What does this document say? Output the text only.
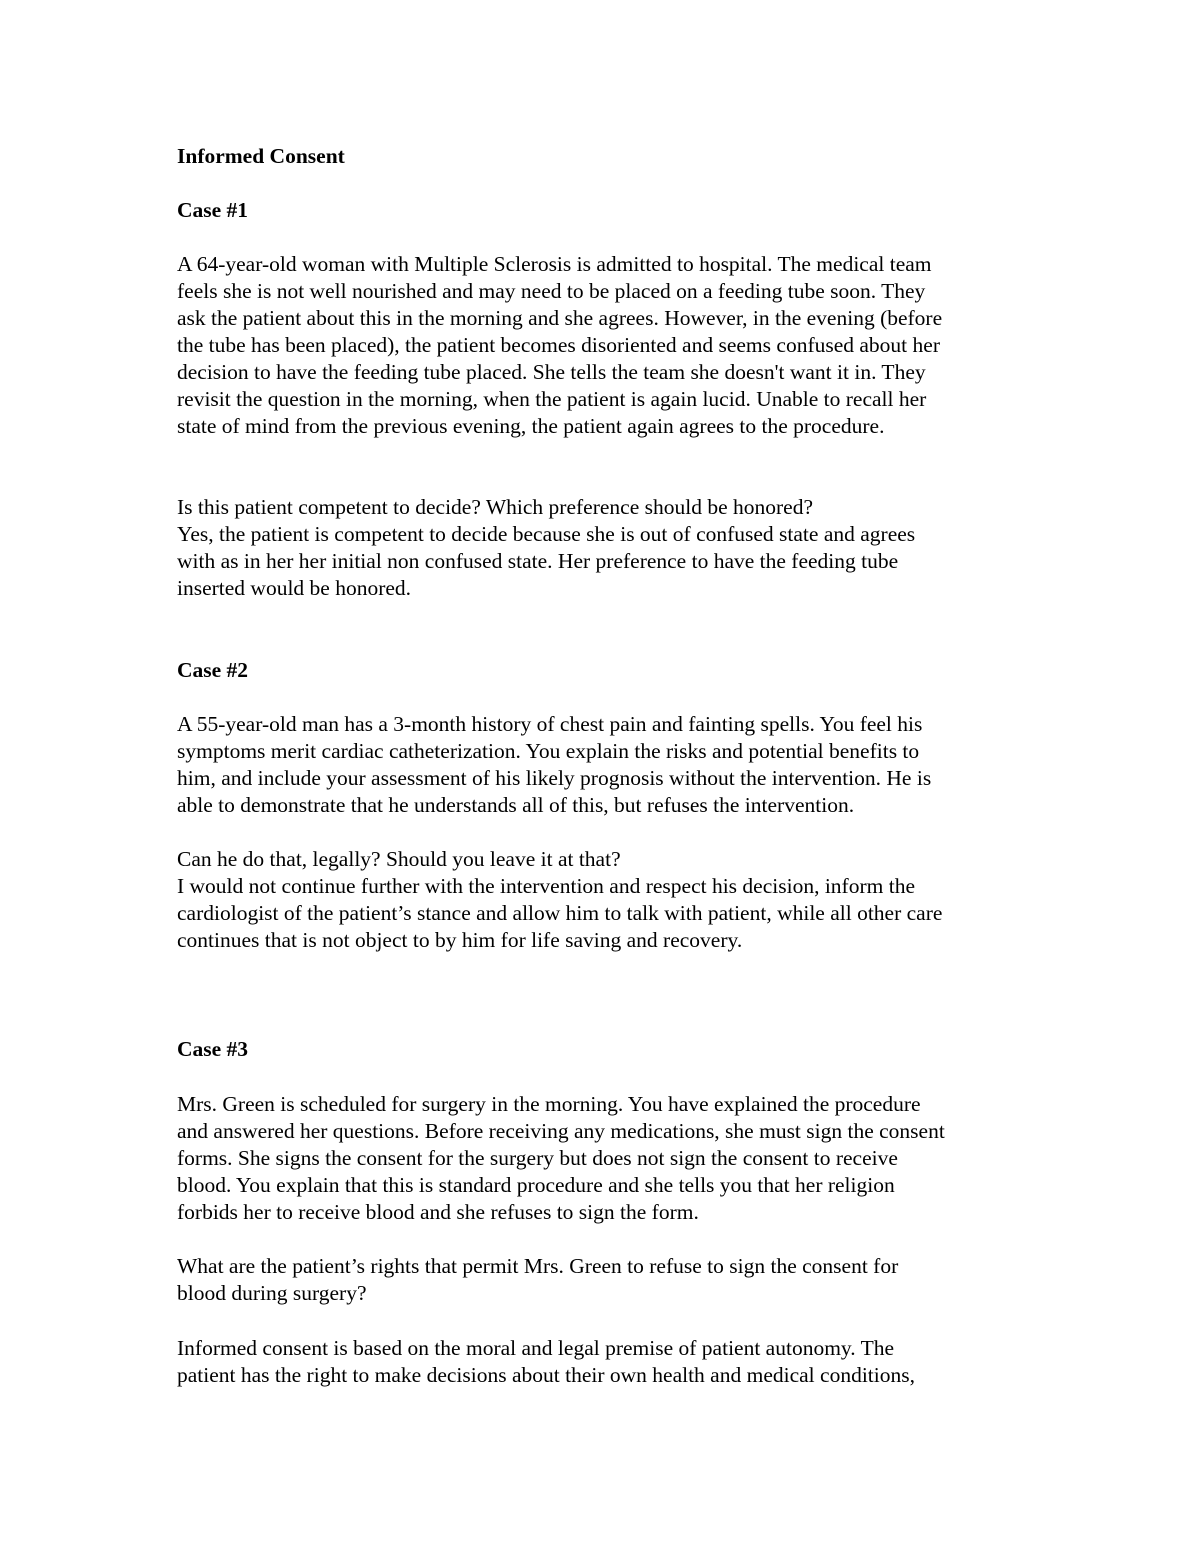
Informed Consent

Case #1

A 64-year-old woman with Multiple Sclerosis is admitted to hospital. The medical team

feels she is not well nourished and may need to be placed on a feeding tube soon. They

ask the patient about this in the morning and she agrees. However, in the evening (before

the tube has been placed), the patient becomes disoriented and seems confused about her

decision to have the feeding tube placed. She tells the team she doesn't want it in. They

revisit the question in the morning, when the patient is again lucid. Unable to recall her

state of mind from the previous evening, the patient again agrees to the procedure.

Is this patient competent to decide? Which preference should be honored?

Yes, the patient is competent to decide because she is out of confused state and agrees

with as in her her initial non confused state. Her preference to have the feeding tube

inserted would be honored.

Case #2

A 55-year-old man has a 3-month history of chest pain and fainting spells. You feel his

symptoms merit cardiac catheterization. You explain the risks and potential benefits to

him, and include your assessment of his likely prognosis without the intervention. He is

able to demonstrate that he understands all of this, but refuses the intervention.

Can he do that, legally? Should you leave it at that?

I would not continue further with the intervention and respect his decision, inform the

cardiologist of the patient’s stance and allow him to talk with patient, while all other care

continues that is not object to by him for life saving and recovery.

Case #3

Mrs. Green is scheduled for surgery in the morning. You have explained the procedure

and answered her questions. Before receiving any medications, she must sign the consent

forms. She signs the consent for the surgery but does not sign the consent to receive

blood. You explain that this is standard procedure and she tells you that her religion

forbids her to receive blood and she refuses to sign the form.

What are the patient’s rights that permit Mrs. Green to refuse to sign the consent for

blood during surgery?

Informed consent is based on the moral and legal premise of patient autonomy. The

patient has the right to make decisions about their own health and medical conditions,
